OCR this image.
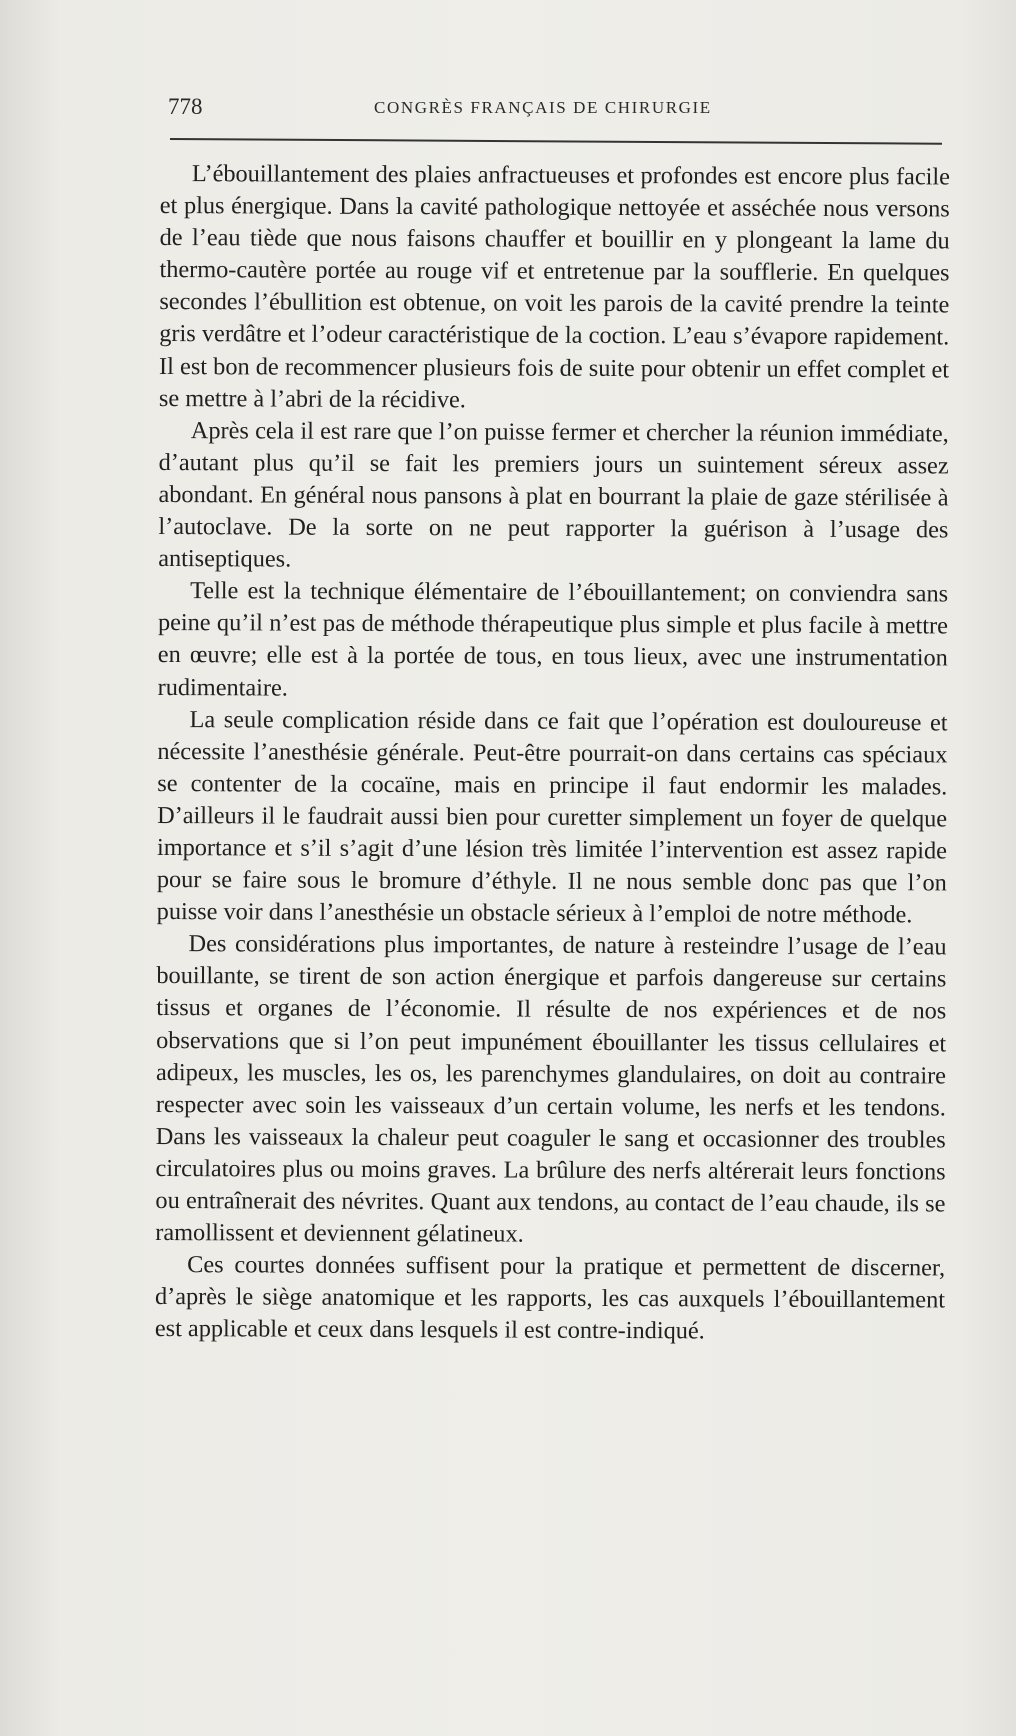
778	CONGRÈS FRANÇAIS DE CHIRURGIE

L’ébouillantement des plaies anfractueuses et profondes est encore plus facile et plus énergique. Dans la cavité pathologique nettoyée et asséchée nous versons de l’eau tiède que nous faisons chauffer et bouillir en y plongeant la lame du thermo-cautère portée au rouge vif et entretenue par la soufflerie. En quelques secondes l’ébullition est obtenue, on voit les parois de la cavité prendre la teinte gris verdâtre et l’odeur caractéristique de la coction. L’eau s’évapore rapidement. Il est bon de recommencer plusieurs fois de suite pour obtenir un effet complet et se mettre à l’abri de la récidive.

Après cela il est rare que l’on puisse fermer et chercher la réunion immédiate, d’autant plus qu’il se fait les premiers jours un suintement séreux assez abondant. En général nous pansons à plat en bourrant la plaie de gaze stérilisée à l’autoclave. De la sorte on ne peut rapporter la guérison à l’usage des antiseptiques.

Telle est la technique élémentaire de l’ébouillantement; on conviendra sans peine qu’il n’est pas de méthode thérapeutique plus simple et plus facile à mettre en œuvre; elle est à la portée de tous, en tous lieux, avec une instrumentation rudimentaire.

La seule complication réside dans ce fait que l’opération est douloureuse et nécessite l’anesthésie générale. Peut-être pourrait-on dans certains cas spéciaux se contenter de la cocaïne, mais en principe il faut endormir les malades. D’ailleurs il le faudrait aussi bien pour curetter simplement un foyer de quelque importance et s’il s’agit d’une lésion très limitée l’intervention est assez rapide pour se faire sous le bromure d’éthyle. Il ne nous semble donc pas que l’on puisse voir dans l’anesthésie un obstacle sérieux à l’emploi de notre méthode.

Des considérations plus importantes, de nature à resteindre l’usage de l’eau bouillante, se tirent de son action énergique et parfois dangereuse sur certains tissus et organes de l’économie. Il résulte de nos expériences et de nos observations que si l’on peut impunément ébouillanter les tissus cellulaires et adipeux, les muscles, les os, les parenchymes glandulaires, on doit au contraire respecter avec soin les vaisseaux d’un certain volume, les nerfs et les tendons. Dans les vaisseaux la chaleur peut coaguler le sang et occasionner des troubles circulatoires plus ou moins graves. La brûlure des nerfs altérerait leurs fonctions ou entraînerait des névrites. Quant aux tendons, au contact de l’eau chaude, ils se ramollissent et deviennent gélatineux.

Ces courtes données suffisent pour la pratique et permettent de discerner, d’après le siège anatomique et les rapports, les cas auxquels l’ébouillantement est applicable et ceux dans lesquels il est contre-indiqué.
